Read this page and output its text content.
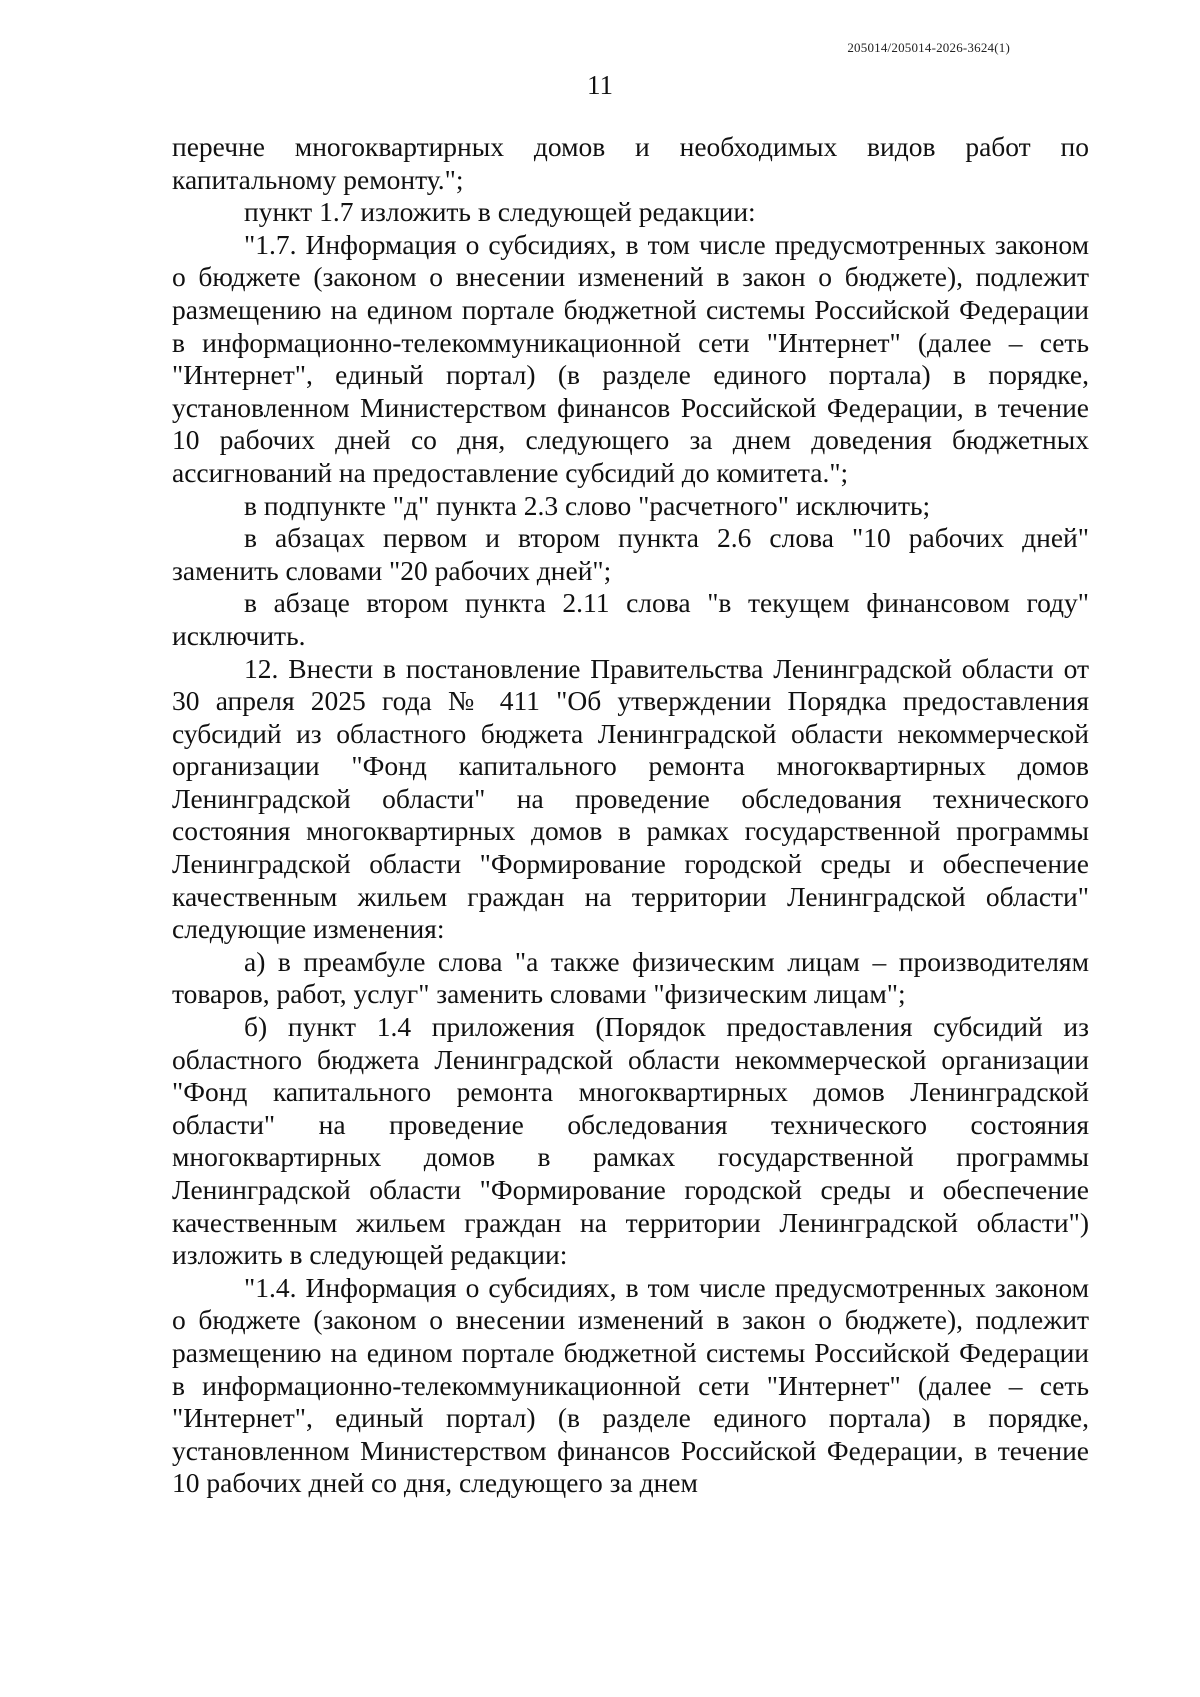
205014/205014-2026-3624(1)
11

перечне многоквартирных домов и необходимых видов работ по капитальному ремонту.";

пункт 1.7 изложить в следующей редакции:

"1.7. Информация о субсидиях, в том числе предусмотренных законом о бюджете (законом о внесении изменений в закон о бюджете), подлежит размещению на едином портале бюджетной системы Российской Федерации в информационно-телекоммуникационной сети "Интернет" (далее – сеть "Интернет", единый портал) (в разделе единого портала) в порядке, установленном Министерством финансов Российской Федерации, в течение 10 рабочих дней со дня, следующего за днем доведения бюджетных ассигнований на предоставление субсидий до комитета.";

в подпункте "д" пункта 2.3 слово "расчетного" исключить;

в абзацах первом и втором пункта 2.6 слова "10 рабочих дней" заменить словами "20 рабочих дней";

в абзаце втором пункта 2.11 слова "в текущем финансовом году" исключить.

12. Внести в постановление Правительства Ленинградской области от 30 апреля 2025 года № 411 "Об утверждении Порядка предоставления субсидий из областного бюджета Ленинградской области некоммерческой организации "Фонд капитального ремонта многоквартирных домов Ленинградской области" на проведение обследования технического состояния многоквартирных домов в рамках государственной программы Ленинградской области "Формирование городской среды и обеспечение качественным жильем граждан на территории Ленинградской области" следующие изменения:

а) в преамбуле слова "а также физическим лицам – производителям товаров, работ, услуг" заменить словами "физическим лицам";

б) пункт 1.4 приложения (Порядок предоставления субсидий из областного бюджета Ленинградской области некоммерческой организации "Фонд капитального ремонта многоквартирных домов Ленинградской области" на проведение обследования технического состояния многоквартирных домов в рамках государственной программы Ленинградской области "Формирование городской среды и обеспечение качественным жильем граждан на территории Ленинградской области") изложить в следующей редакции:

"1.4. Информация о субсидиях, в том числе предусмотренных законом о бюджете (законом о внесении изменений в закон о бюджете), подлежит размещению на едином портале бюджетной системы Российской Федерации в информационно-телекоммуникационной сети "Интернет" (далее – сеть "Интернет", единый портал) (в разделе единого портала) в порядке, установленном Министерством финансов Российской Федерации, в течение 10 рабочих дней со дня, следующего за днем
